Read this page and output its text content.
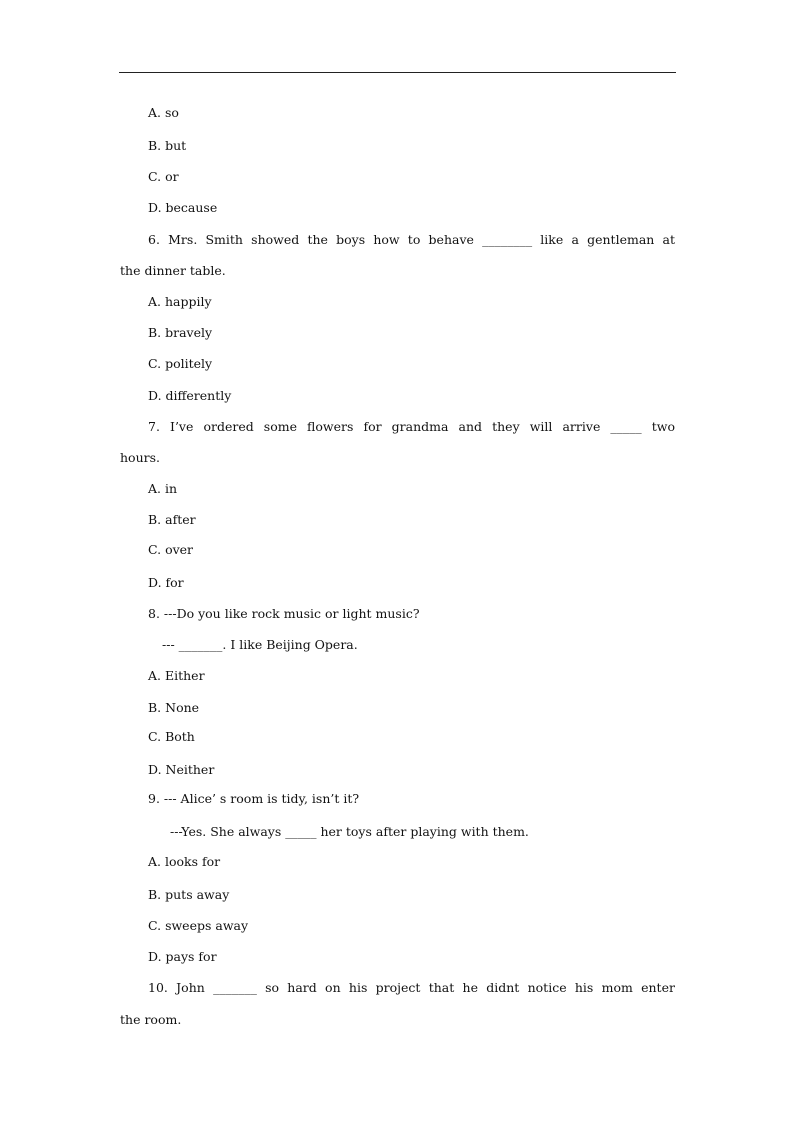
A. so
B. but
C. or
D. because
6. Mrs. Smith showed the boys how to behave ________ like a gentleman at
the dinner table.
A. happily
B. bravely
C. politely
D. differently
7. I’ve ordered some flowers for grandma and they will arrive _____ two
hours.
A. in
B. after
C. over
D. for
8. ---Do you like rock music or light music?
--- _______. I like Beijing Opera.
A. Either
B. None
C. Both
D. Neither
9. --- Alice’ s room is tidy, isn’t it?
---Yes. She always _____ her toys after playing with them.
A. looks for
B. puts away
C. sweeps away
D. pays for
10. John _______ so hard on his project that he didnt notice his mom enter
the room.
